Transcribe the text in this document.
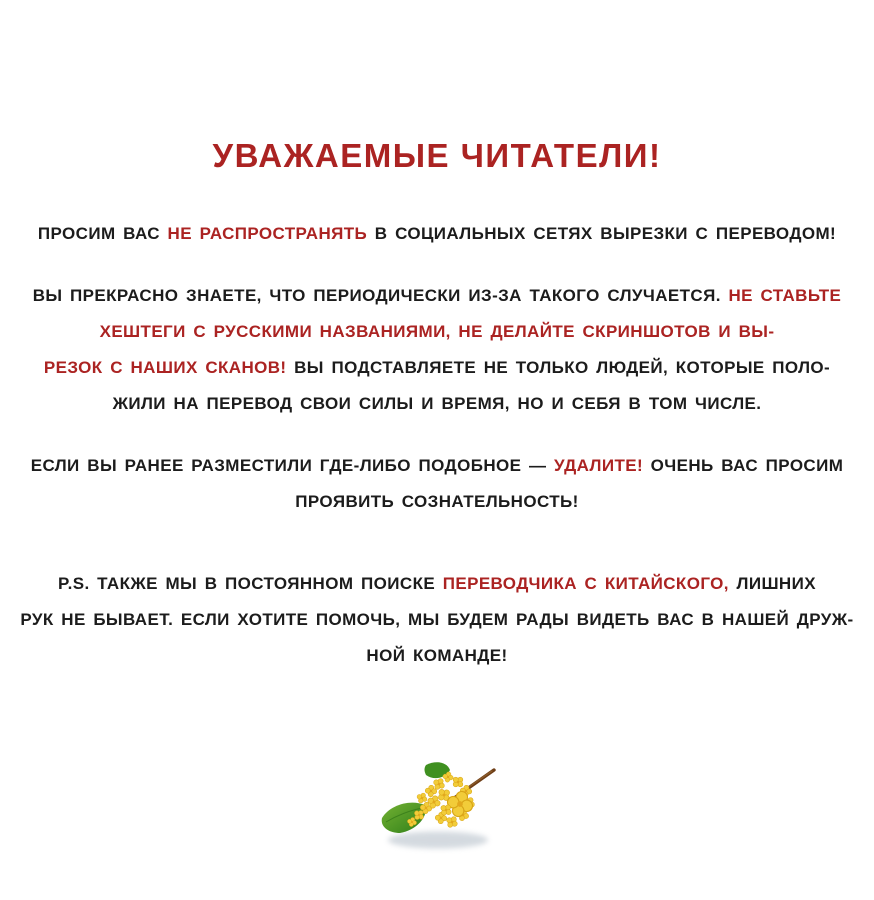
УВАЖАЕМЫЕ ЧИТАТЕЛИ!
ПРОСИМ ВАС НЕ РАСПРОСТРАНЯТЬ В СОЦИАЛЬНЫХ СЕТЯХ ВЫРЕЗКИ С ПЕРЕВОДОМ!
ВЫ ПРЕКРАСНО ЗНАЕТЕ, ЧТО ПЕРИОДИЧЕСКИ ИЗ-ЗА ТАКОГО СЛУЧАЕТСЯ. НЕ СТАВЬТЕ
ХЕШТЕГИ С РУССКИМИ НАЗВАНИЯМИ, НЕ ДЕЛАЙТЕ СКРИНШОТОВ И ВЫ-
РЕЗОК С НАШИХ СКАНОВ! ВЫ ПОДСТАВЛЯЕТЕ НЕ ТОЛЬКО ЛЮДЕЙ, КОТОРЫЕ ПОЛО-
ЖИЛИ НА ПЕРЕВОД СВОИ СИЛЫ И ВРЕМЯ, НО И СЕБЯ В ТОМ ЧИСЛЕ.
ЕСЛИ ВЫ РАНЕЕ РАЗМЕСТИЛИ ГДЕ-ЛИБО ПОДОБНОЕ — УДАЛИТЕ! ОЧЕНЬ ВАС ПРОСИМ
ПРОЯВИТЬ СОЗНАТЕЛЬНОСТЬ!
P.S. ТАКЖЕ МЫ В ПОСТОЯННОМ ПОИСКЕ ПЕРЕВОДЧИКА С КИТАЙСКОГО, ЛИШНИХ
РУК НЕ БЫВАЕТ. ЕСЛИ ХОТИТЕ ПОМОЧЬ, МЫ БУДЕМ РАДЫ ВИДЕТЬ ВАС В НАШЕЙ ДРУЖ-
НОЙ КОМАНДЕ!
